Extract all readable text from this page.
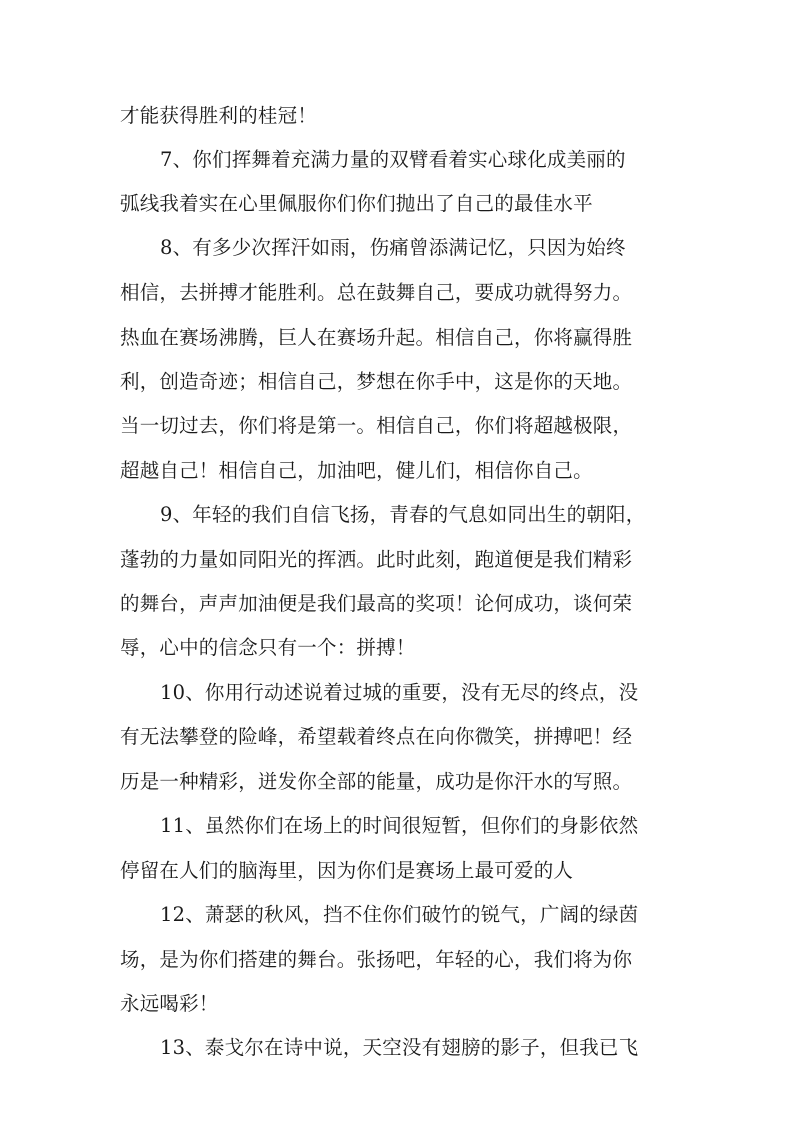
才能获得胜利的桂冠！
7、你们挥舞着充满力量的双臂看着实心球化成美丽的
弧线我着实在心里佩服你们你们抛出了自己的最佳水平
8、有多少次挥汗如雨，伤痛曾添满记忆，只因为始终
相信，去拼搏才能胜利。总在鼓舞自己，要成功就得努力。
热血在赛场沸腾，巨人在赛场升起。相信自己，你将赢得胜
利，创造奇迹；相信自己，梦想在你手中，这是你的天地。
当一切过去，你们将是第一。相信自己，你们将超越极限，
超越自己！相信自己，加油吧，健儿们，相信你自己。
9、年轻的我们自信飞扬，青春的气息如同出生的朝阳，
蓬勃的力量如同阳光的挥洒。此时此刻，跑道便是我们精彩
的舞台，声声加油便是我们最高的奖项！论何成功，谈何荣
辱，心中的信念只有一个：拼搏！
10、你用行动述说着过城的重要，没有无尽的终点，没
有无法攀登的险峰，希望载着终点在向你微笑，拼搏吧！经
历是一种精彩，迸发你全部的能量，成功是你汗水的写照。
11、虽然你们在场上的时间很短暂，但你们的身影依然
停留在人们的脑海里，因为你们是赛场上最可爱的人
12、萧瑟的秋风，挡不住你们破竹的锐气，广阔的绿茵
场，是为你们搭建的舞台。张扬吧，年轻的心，我们将为你
永远喝彩！
13、泰戈尔在诗中说，天空没有翅膀的影子，但我已飞
